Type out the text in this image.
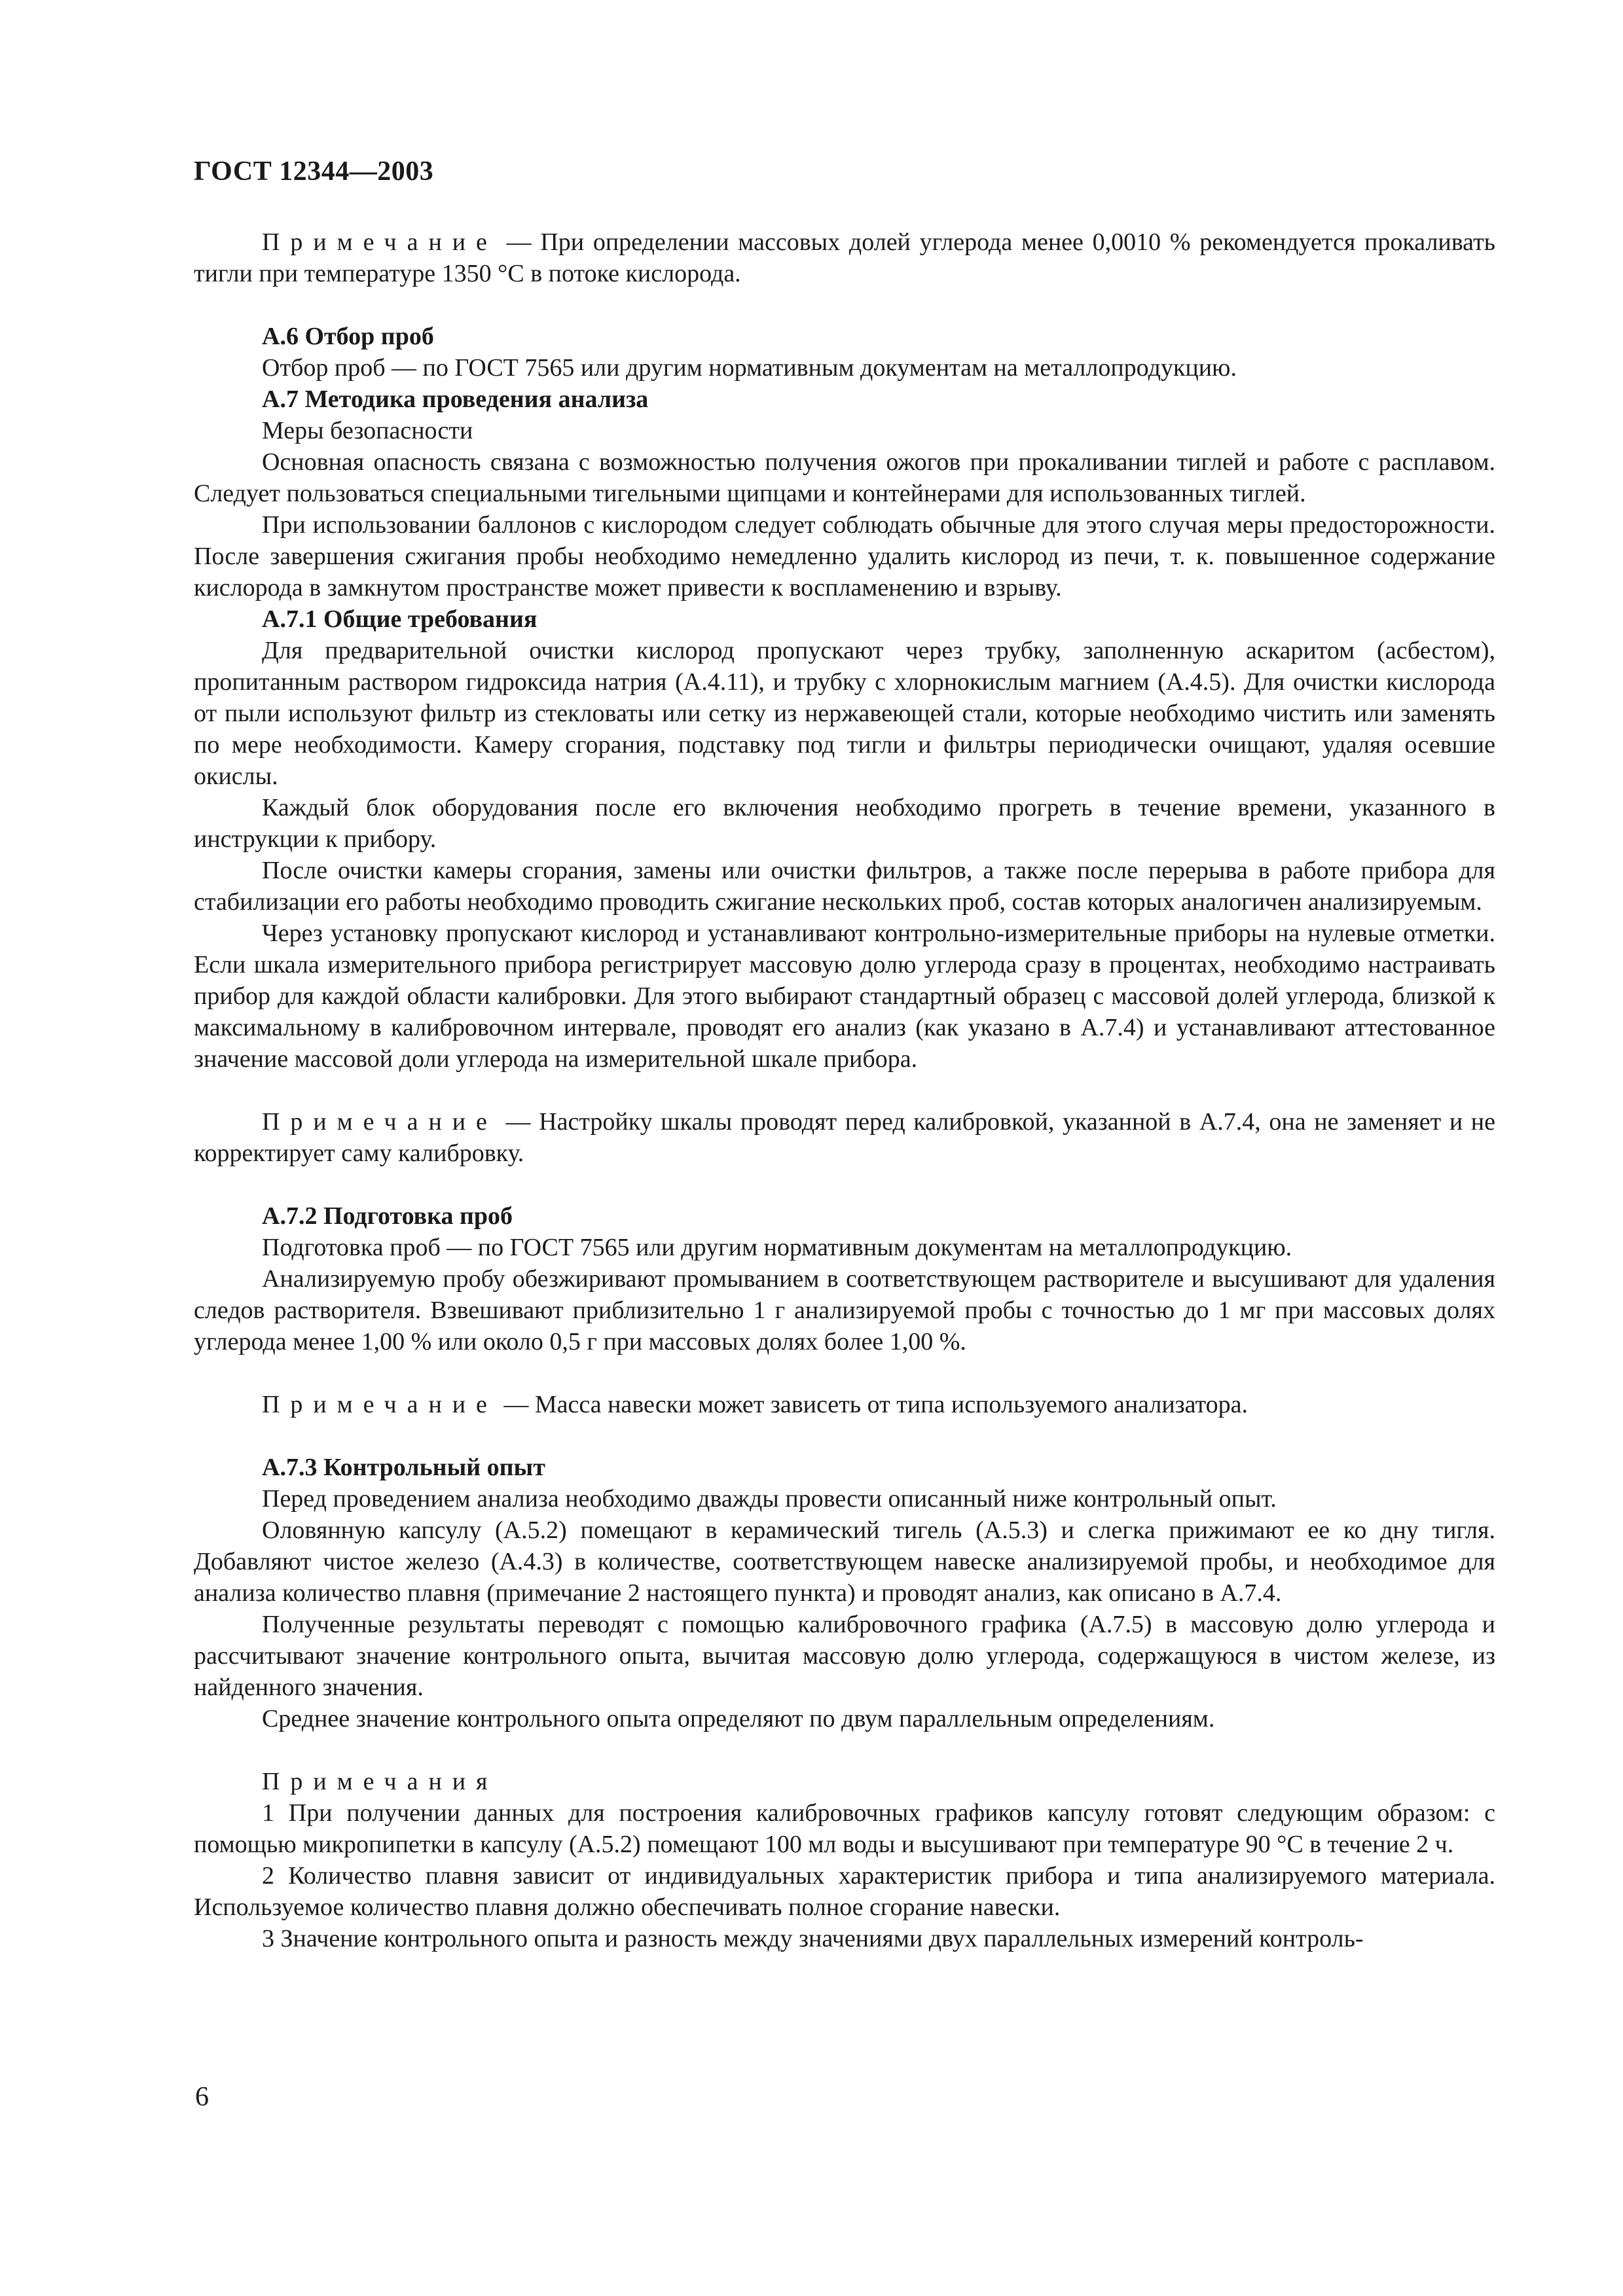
ГОСТ 12344—2003

Примечание — При определении массовых долей углерода менее 0,0010 % рекомендуется прокаливать тигли при температуре 1350 °С в потоке кислорода.

А.6 Отбор проб

Отбор проб — по ГОСТ 7565 или другим нормативным документам на металлопродукцию.

А.7 Методика проведения анализа

Меры безопасности

Основная опасность связана с возможностью получения ожогов при прокаливании тиглей и работе с расплавом. Следует пользоваться специальными тигельными щипцами и контейнерами для использованных тиглей.

При использовании баллонов с кислородом следует соблюдать обычные для этого случая меры предосторожности. После завершения сжигания пробы необходимо немедленно удалить кислород из печи, т. к. повышенное содержание кислорода в замкнутом пространстве может привести к воспламенению и взрыву.

А.7.1 Общие требования

Для предварительной очистки кислород пропускают через трубку, заполненную аскаритом (асбестом), пропитанным раствором гидроксида натрия (А.4.11), и трубку с хлорнокислым магнием (А.4.5). Для очистки кислорода от пыли используют фильтр из стекловаты или сетку из нержавеющей стали, которые необходимо чистить или заменять по мере необходимости. Камеру сгорания, подставку под тигли и фильтры периодически очищают, удаляя осевшие окислы.

Каждый блок оборудования после его включения необходимо прогреть в течение времени, указанного в инструкции к прибору.

После очистки камеры сгорания, замены или очистки фильтров, а также после перерыва в работе прибора для стабилизации его работы необходимо проводить сжигание нескольких проб, состав которых аналогичен анализируемым.

Через установку пропускают кислород и устанавливают контрольно-измерительные приборы на нулевые отметки. Если шкала измерительного прибора регистрирует массовую долю углерода сразу в процентах, необходимо настраивать прибор для каждой области калибровки. Для этого выбирают стандартный образец с массовой долей углерода, близкой к максимальному в калибровочном интервале, проводят его анализ (как указано в А.7.4) и устанавливают аттестованное значение массовой доли углерода на измерительной шкале прибора.

Примечание — Настройку шкалы проводят перед калибровкой, указанной в А.7.4, она не заменяет и не корректирует саму калибровку.

А.7.2 Подготовка проб

Подготовка проб — по ГОСТ 7565 или другим нормативным документам на металлопродукцию.

Анализируемую пробу обезжиривают промыванием в соответствующем растворителе и высушивают для удаления следов растворителя. Взвешивают приблизительно 1 г анализируемой пробы с точностью до 1 мг при массовых долях углерода менее 1,00 % или около 0,5 г при массовых долях более 1,00 %.

Примечание — Масса навески может зависеть от типа используемого анализатора.

А.7.3 Контрольный опыт

Перед проведением анализа необходимо дважды провести описанный ниже контрольный опыт.

Оловянную капсулу (А.5.2) помещают в керамический тигель (А.5.3) и слегка прижимают ее ко дну тигля. Добавляют чистое железо (А.4.3) в количестве, соответствующем навеске анализируемой пробы, и необходимое для анализа количество плавня (примечание 2 настоящего пункта) и проводят анализ, как описано в А.7.4.

Полученные результаты переводят с помощью калибровочного графика (А.7.5) в массовую долю углерода и рассчитывают значение контрольного опыта, вычитая массовую долю углерода, содержащуюся в чистом железе, из найденного значения.

Среднее значение контрольного опыта определяют по двум параллельным определениям.

Примечания

1 При получении данных для построения калибровочных графиков капсулу готовят следующим образом: с помощью микропипетки в капсулу (А.5.2) помещают 100 мл воды и высушивают при температуре 90 °С в течение 2 ч.

2 Количество плавня зависит от индивидуальных характеристик прибора и типа анализируемого материала. Используемое количество плавня должно обеспечивать полное сгорание навески.

3 Значение контрольного опыта и разность между значениями двух параллельных измерений контроль-

6
